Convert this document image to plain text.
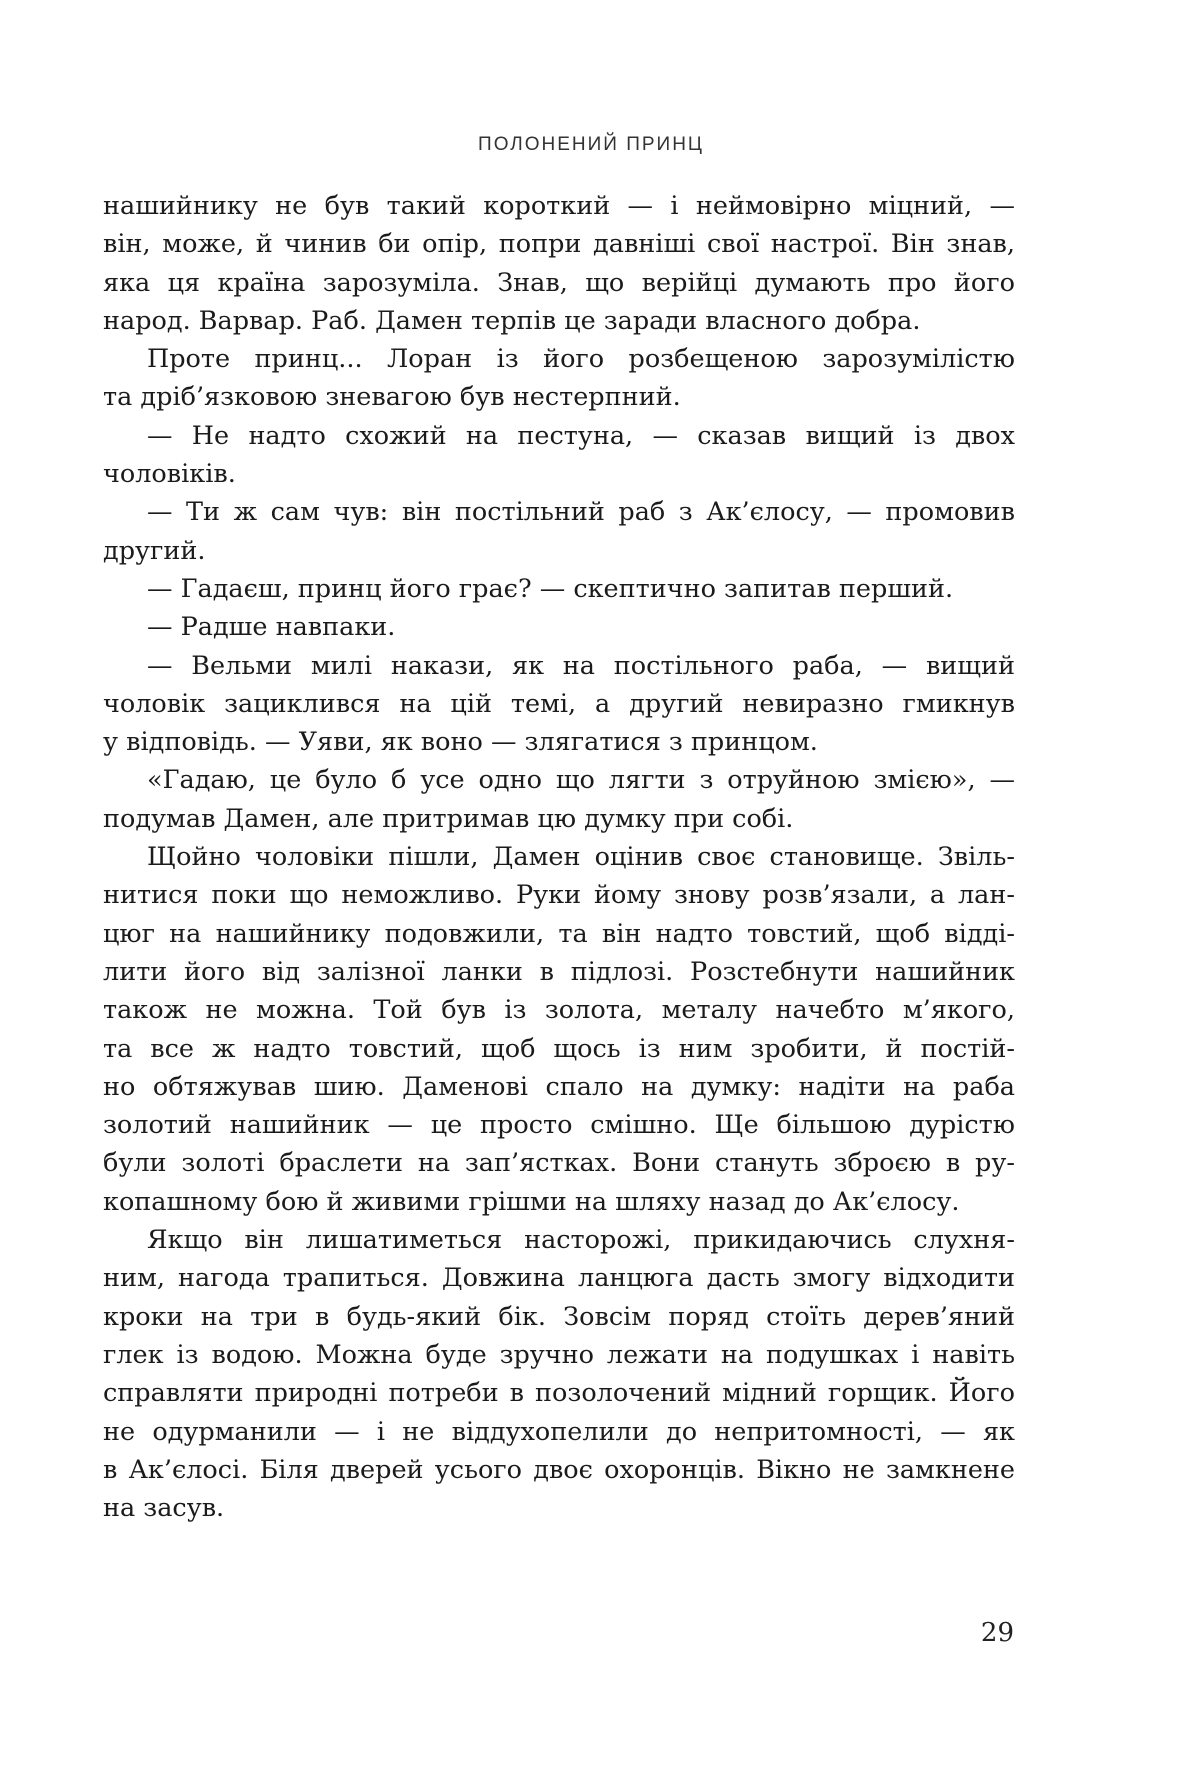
ПОЛОНЕНИЙ ПРИНЦ
нашийнику не був такий короткий — і неймовірно міцний, —
він, може, й чинив би опір, попри давніші свої настрої. Він знав,
яка ця країна зарозуміла. Знав, що верійці думають про його
народ. Варвар. Раб. Дамен терпів це заради власного добра.
Проте принц... Лоран із його розбещеною зарозумілістю
та дріб’язковою зневагою був нестерпний.
— Не надто схожий на пестуна, — сказав вищий із двох
чоловіків.
— Ти ж сам чув: він постільний раб з Ак’єлосу, — промовив
другий.
— Гадаєш, принц його грає? — скептично запитав перший.
— Радше навпаки.
— Вельми милі накази, як на постільного раба, — вищий
чоловік зациклився на цій темі, а другий невиразно гмикнув
у відповідь. — Уяви, як воно — злягатися з принцом.
«Гадаю, це було б усе одно що лягти з отруйною змією», —
подумав Дамен, але притримав цю думку при собі.
Щойно чоловіки пішли, Дамен оцінив своє становище. Звіль-
нитися поки що неможливо. Руки йому знову розв’язали, а лан-
цюг на нашийнику подовжили, та він надто товстий, щоб відді-
лити його від залізної ланки в підлозі. Розстебнути нашийник
також не можна. Той був із золота, металу начебто м’якого,
та все ж надто товстий, щоб щось із ним зробити, й постій-
но обтяжував шию. Даменові спало на думку: надіти на раба
золотий нашийник — це просто смішно. Ще більшою дурістю
були золоті браслети на зап’ястках. Вони стануть зброєю в ру-
копашному бою й живими грішми на шляху назад до Ак’єлосу.
Якщо він лишатиметься насторожі, прикидаючись слухня-
ним, нагода трапиться. Довжина ланцюга дасть змогу відходити
кроки на три в будь-який бік. Зовсім поряд стоїть дерев’яний
глек із водою. Можна буде зручно лежати на подушках і навіть
справляти природні потреби в позолочений мідний горщик. Його
не одурманили — і не віддухопелили до непритомності, — як
в Ак’єлосі. Біля дверей усього двоє охоронців. Вікно не замкнене
на засув.
29
